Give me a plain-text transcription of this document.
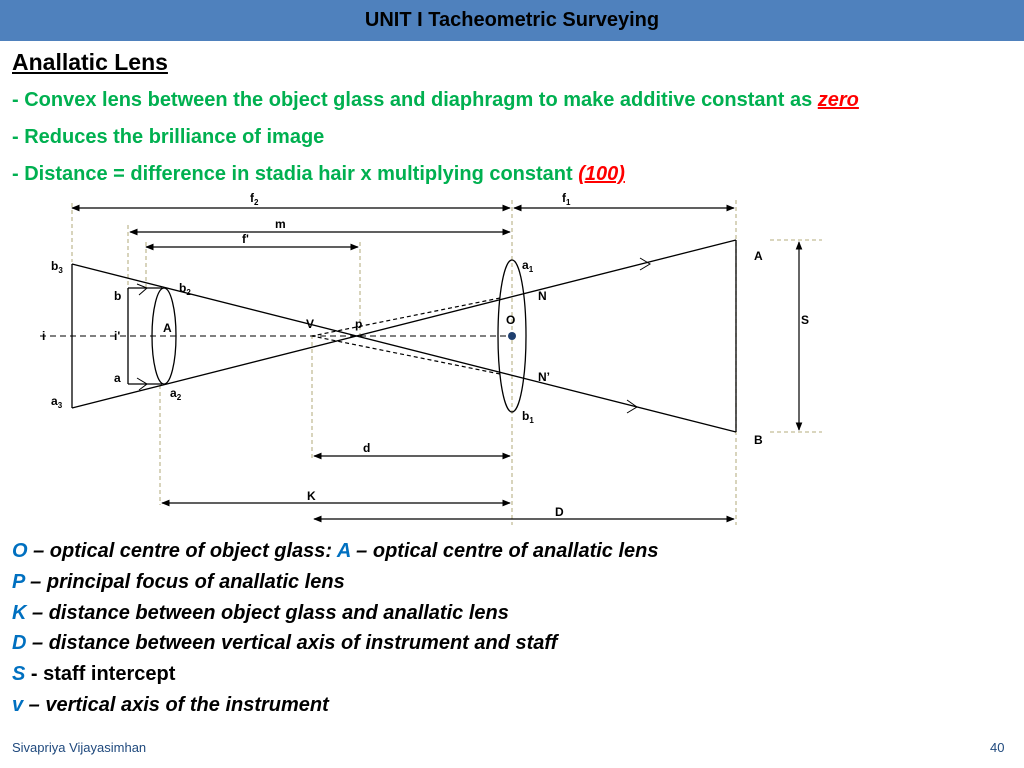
UNIT I Tacheometric Surveying
Anallatic Lens
- Convex lens between the object glass and diaphragm to make additive constant as zero
- Reduces the brilliance of image
- Distance = difference in stadia hair x multiplying constant (100)
$f_2$	$f_1$
m
f'
$b_3$	$a_1$
A
b
$b_2$	N
A	V	p	O	S
i	i'
N’
a
$a_3$
$a_2$
$b_1$
B
d
K
D
O – optical centre of object glass: A – optical centre of anallatic lens
P – principal focus of anallatic lens
K – distance between object glass and anallatic lens
D – distance between vertical axis of instrument and staff
S - staff intercept
v – vertical axis of the instrument
Sivapriya Vijayasimhan	40
